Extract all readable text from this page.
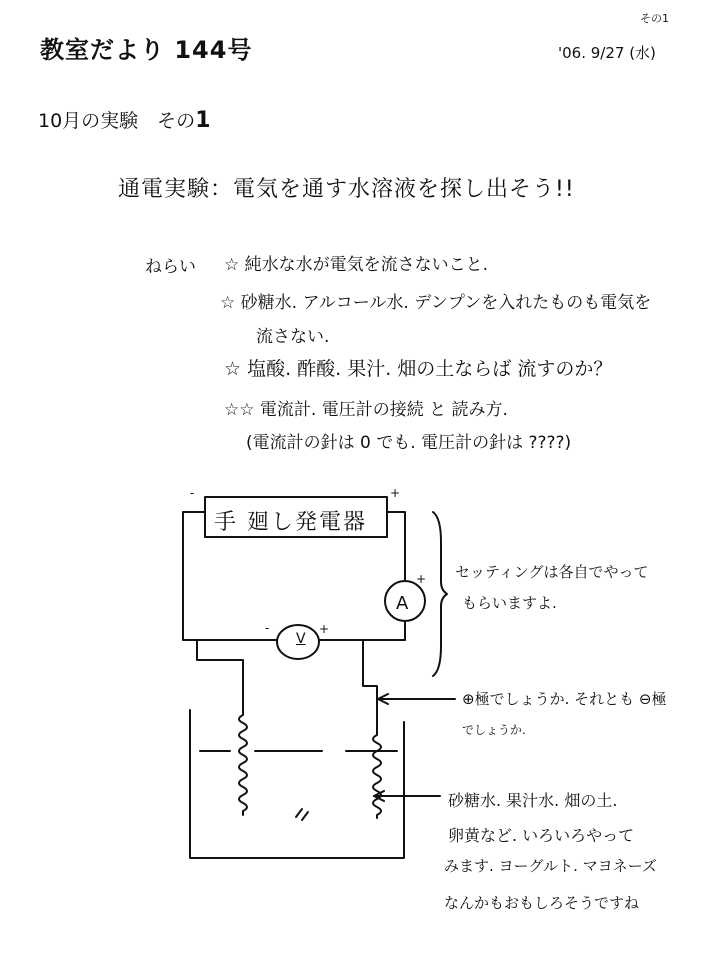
教室だより 144号
その1
'06. 9/27 (水)
10月の実験　その1
通電実験：電気を通す水溶液を探し出そう!!
ねらい ☆ 純水な水が電気を流さないこと.
☆ 砂糖水. アルコール水. デンプンを入れたものも電気を
流さない.
☆ 塩酸. 酢酸. 果汁. 畑の土ならば 流すのか？
☆☆ 電流計. 電圧計の接続 と 読み方.
(電流計の針は 0 でも. 電圧計の針は ????)
手 廻し発電器
A
V
-	+
+
-	+
セッティングは各自でやって
もらいますよ.
⊕極でしょうか. それとも ⊖極
でしょうか.
砂糖水. 果汁水. 畑の土.
卵黄など. いろいろやって
みます. ヨーグルト. マヨネーズ
なんかもおもしろそうですね
